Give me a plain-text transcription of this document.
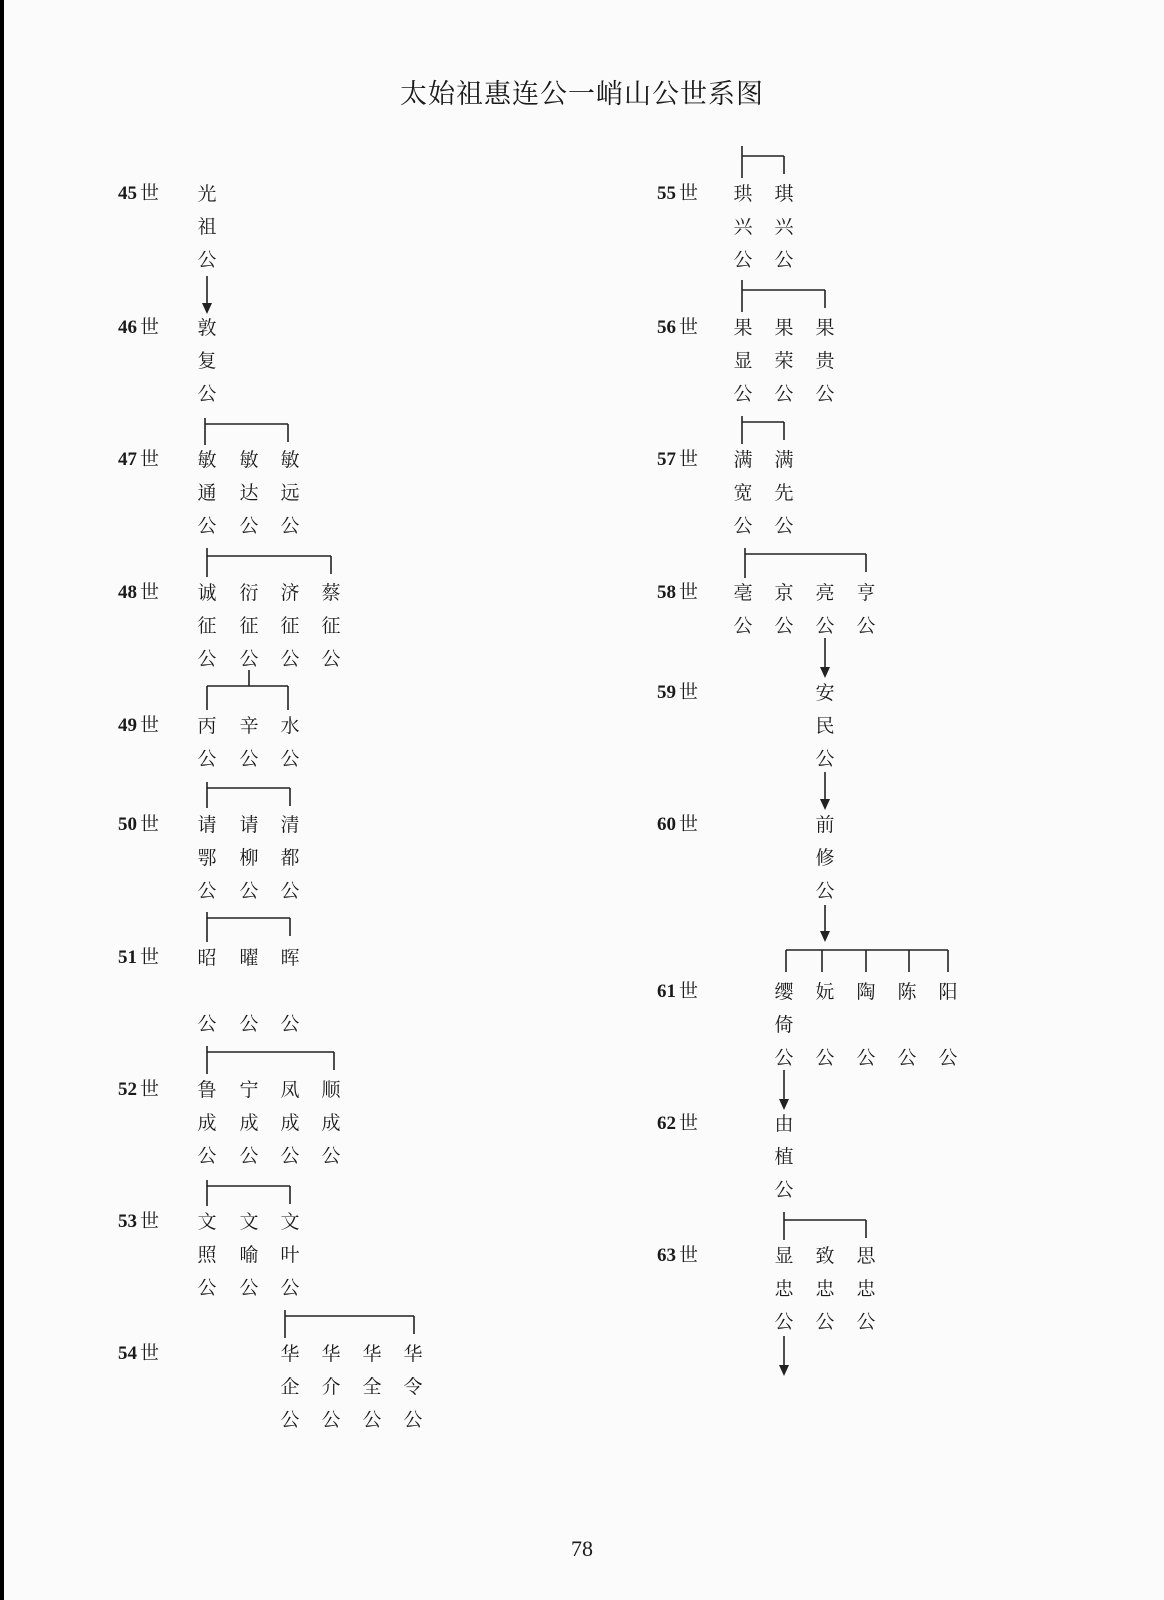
太始祖惠连公一峭山公世系图
45 世
46 世
47 世
48 世
49 世
50 世
51 世
52 世
53 世
54 世
55 世
56 世
57 世
58 世
59 世
60 世
61 世
62 世
63 世
光
祖
公
敦
复
公
敏
通
公
敏
达
公
敏
远
公
诚
征
公
衍
征
公
济
征
公
蔡
征
公
丙
公
辛
公
水
公
请
鄂
公
请
柳
公
清
都
公
昭
公
曜
公
晖
公
鲁
成
公
宁
成
公
凤
成
公
顺
成
公
文
照
公
文
喻
公
文
叶
公
华
企
公
华
介
公
华
全
公
华
令
公
珙
兴
公
琪
兴
公
果
显
公
果
荣
公
果
贵
公
满
宽
公
满
先
公
亳
公
京
公
亮
公
亨
公
安
民
公
前
修
公
缨
倚
公
妧
公
陶
公
陈
公
阳
公
由
植
公
显
忠
公
致
忠
公
思
忠
公
78
